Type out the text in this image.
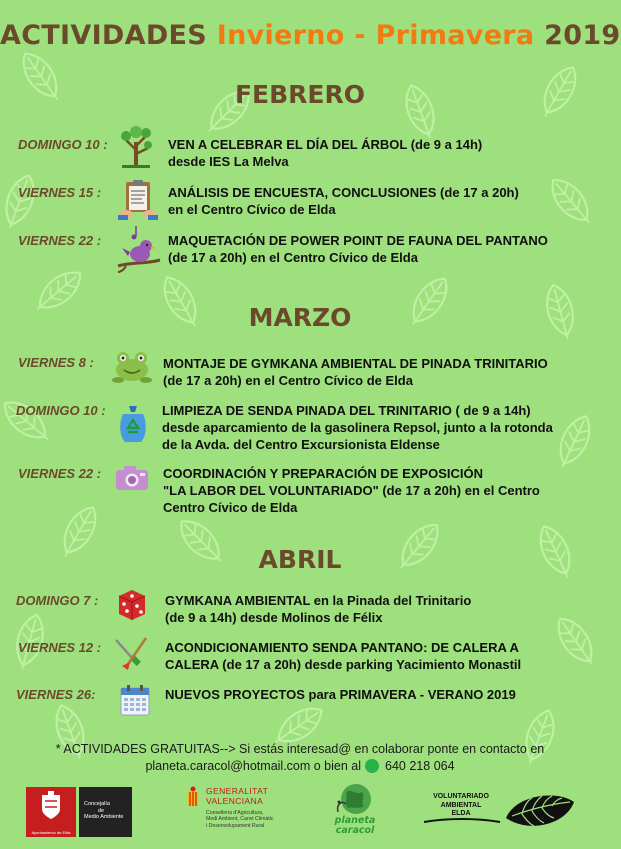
ACTIVIDADES Invierno - Primavera 2019
FEBRERO
MARZO
ABRIL
DOMINGO 10 :	VEN A CELEBRAR EL DÍA DEL ÁRBOL (de 9 a 14h)
desde IES La Melva
VIERNES 15 :	ANÁLISIS DE ENCUESTA, CONCLUSIONES (de 17 a 20h)
en el Centro Cívico de Elda
VIERNES 22 :	MAQUETACIÓN DE POWER POINT DE FAUNA DEL PANTANO
(de 17 a 20h) en el Centro Cívico de Elda
VIERNES 8 :	MONTAJE DE GYMKANA AMBIENTAL DE PINADA TRINITARIO
(de 17 a 20h) en el Centro Cívico de Elda
DOMINGO 10 :	LIMPIEZA DE SENDA PINADA DEL TRINITARIO ( de 9 a 14h)
desde aparcamiento de la gasolinera Repsol, junto a la rotonda
de la Avda. del Centro Excursionista Eldense
VIERNES 22 :	COORDINACIÓN Y PREPARACIÓN DE EXPOSICIÓN
"LA LABOR DEL VOLUNTARIADO" (de 17 a 20h) en el Centro
Centro Cívico de Elda
DOMINGO 7 :	GYMKANA AMBIENTAL en la Pinada del Trinitario
(de 9 a 14h) desde Molinos de Félix
VIERNES 12 :	ACONDICIONAMIENTO SENDA PANTANO: DE CALERA A
CALERA (de 17 a 20h) desde parking Yacimiento Monastil
VIERNES 26:	NUEVOS PROYECTOS para PRIMAVERA - VERANO 2019
* ACTIVIDADES GRATUITAS--> Si estás interesad@ en colaborar ponte en contacto en
planeta.caracol@hotmail.com o bien al 640 218 064
Ayuntamiento de Elda
Concejalía
de
Medio Ambiente
GENERALITAT
VALENCIANA
Conselleria d'Agricultura,
Medi Ambient, Canvi Climàtic
i Desenvolupament Rural	planeta
caracol
VOLUNTARIADO
AMBIENTAL
ELDA
